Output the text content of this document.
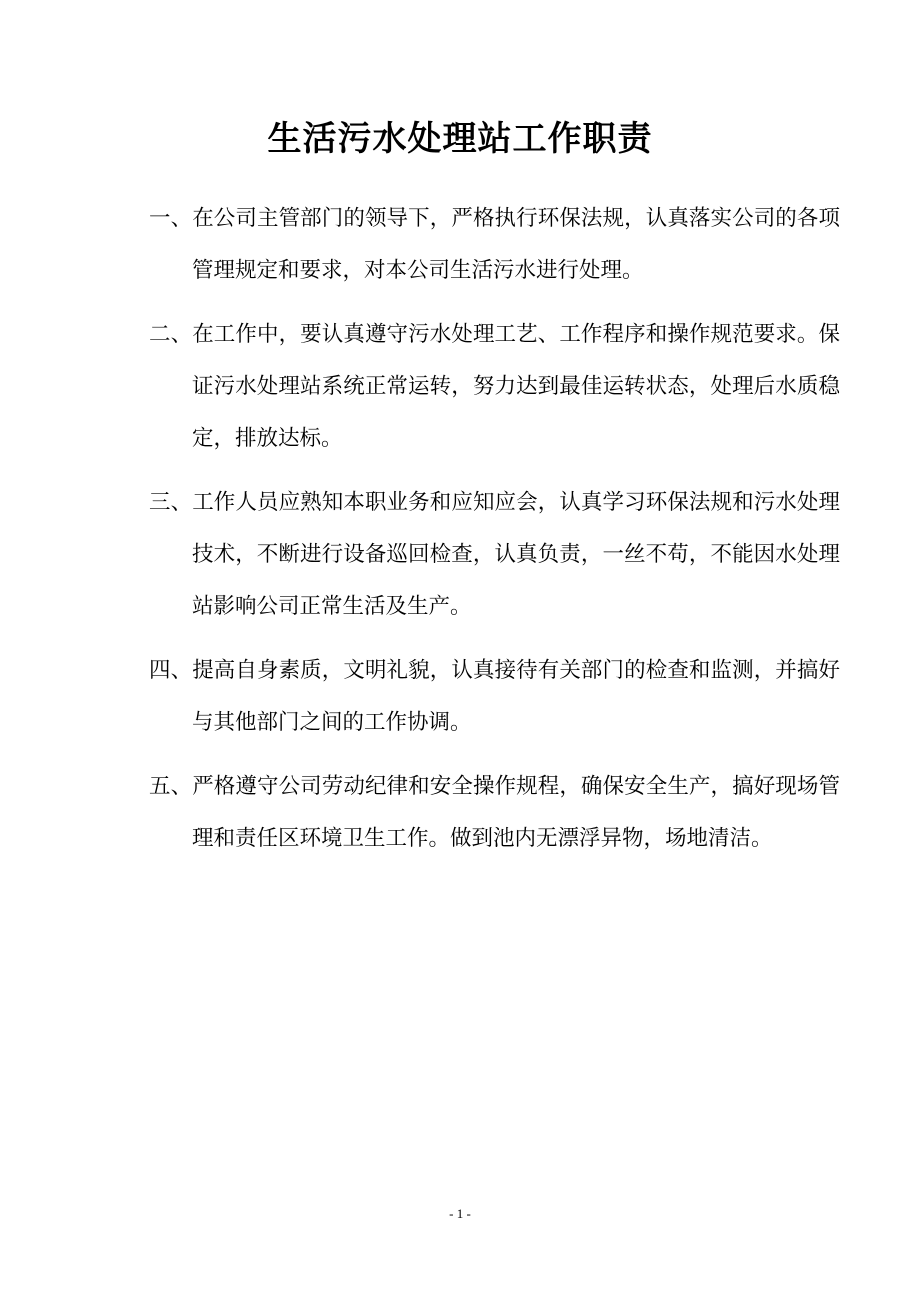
生活污水处理站工作职责

一、在公司主管部门的领导下，严格执行环保法规，认真落实公司的各项管理规定和要求，对本公司生活污水进行处理。

二、在工作中，要认真遵守污水处理工艺、工作程序和操作规范要求。保证污水处理站系统正常运转，努力达到最佳运转状态，处理后水质稳定，排放达标。

三、工作人员应熟知本职业务和应知应会，认真学习环保法规和污水处理技术，不断进行设备巡回检查，认真负责，一丝不苟，不能因水处理站影响公司正常生活及生产。

四、提高自身素质，文明礼貌，认真接待有关部门的检查和监测，并搞好与其他部门之间的工作协调。

五、严格遵守公司劳动纪律和安全操作规程，确保安全生产，搞好现场管理和责任区环境卫生工作。做到池内无漂浮异物，场地清洁。

- 1 -
